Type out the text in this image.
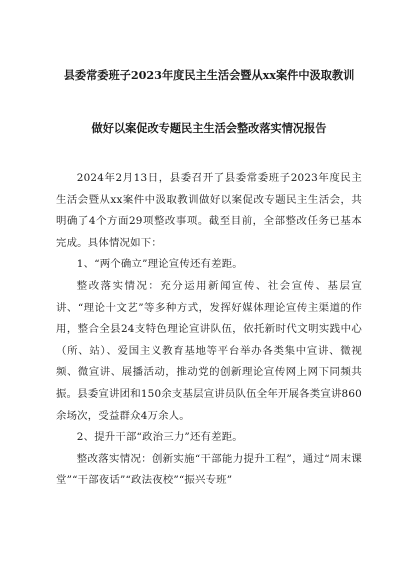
县委常委班子2023年度民主生活会暨从xx案件中汲取教训

做好以案促改专题民主生活会整改落实情况报告

2024年2月13日，县委召开了县委常委班子2023年度民主生活会暨从xx案件中汲取教训做好以案促改专题民主生活会，共明确了4个方面29项整改事项。截至目前，全部整改任务已基本完成。具体情况如下：

1、“两个确立”理论宣传还有差距。

整改落实情况：充分运用新闻宣传、社会宣传、基层宣讲、“理论十文艺”等多种方式，发挥好媒体理论宣传主渠道的作用，整合全县24支特色理论宣讲队伍，依托新时代文明实践中心（所、站）、爱国主义教育基地等平台举办各类集中宣讲、微视频、微宣讲、展播活动，推动党的创新理论宣传网上网下同频共振。县委宣讲团和150余支基层宣讲员队伍全年开展各类宣讲860余场次，受益群众4万余人。

2、提升干部“政治三力”还有差距。

整改落实情况：创新实施“干部能力提升工程”，通过“周末课堂”“干部夜话”“政法夜校”“振兴专班”
